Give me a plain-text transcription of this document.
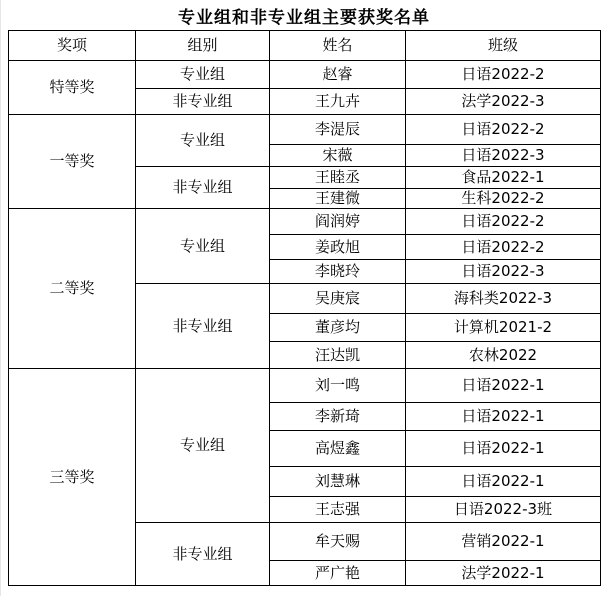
专业组和非专业组主要获奖名单
奖项	组别	姓名	班级
特等奖	专业组	赵睿	日语2022-2
	非专业组	王九卉	法学2022-3
一等奖	专业组	李湜辰	日语2022-2
		宋薇	日语2022-3
	非专业组	王睦丞	食品2022-1
		王建微	生科2022-2
二等奖	专业组	阎润婷	日语2022-2
		姜政旭	日语2022-2
		李晓玲	日语2022-3
	非专业组	吴庚宸	海科类2022-3
		董彦均	计算机2021-2
		汪达凯	农林2022
三等奖	专业组	刘一鸣	日语2022-1
		李新琦	日语2022-1
		高煜鑫	日语2022-1
		刘慧琳	日语2022-1
		王志强	日语2022-3班
	非专业组	牟天赐	营销2022-1
		严广艳	法学2022-1
